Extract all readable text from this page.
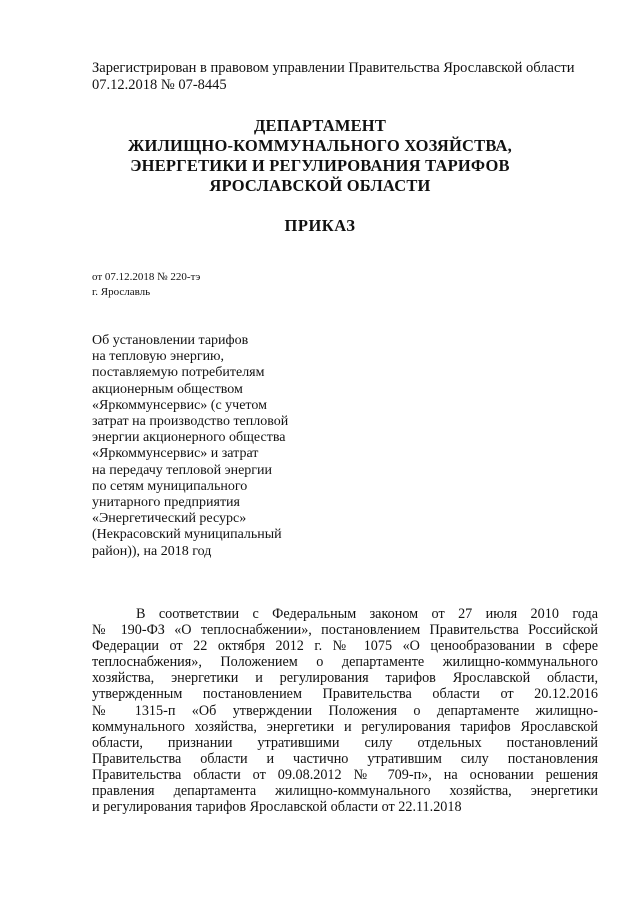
Зарегистрирован в правовом управлении Правительства Ярославской области
07.12.2018 № 07-8445
ДЕПАРТАМЕНТ
ЖИЛИЩНО-КОММУНАЛЬНОГО ХОЗЯЙСТВА,
ЭНЕРГЕТИКИ И РЕГУЛИРОВАНИЯ ТАРИФОВ
ЯРОСЛАВСКОЙ ОБЛАСТИ
ПРИКАЗ
от 07.12.2018 № 220-тэ
г. Ярославль
Об установлении тарифов
на тепловую энергию,
поставляемую потребителям
акционерным обществом
«Яркоммунсервис» (с учетом
затрат на производство тепловой
энергии акционерного общества
«Яркоммунсервис» и затрат
на передачу тепловой энергии
по сетям муниципального
унитарного предприятия
«Энергетический ресурс»
(Некрасовский муниципальный
район)), на 2018 год
В соответствии с Федеральным законом от 27 июля 2010 года
№ 190-ФЗ «О теплоснабжении», постановлением Правительства Российской
Федерации от 22 октября 2012 г. № 1075 «О ценообразовании в сфере
теплоснабжения», Положением о департаменте жилищно-коммунального
хозяйства, энергетики и регулирования тарифов Ярославской области,
утвержденным постановлением Правительства области от 20.12.2016
№ 1315-п «Об утверждении Положения о департаменте жилищно-
коммунального хозяйства, энергетики и регулирования тарифов Ярославской
области, признании утратившими силу отдельных постановлений
Правительства области и частично утратившим силу постановления
Правительства области от 09.08.2012 № 709-п», на основании решения
правления департамента жилищно-коммунального хозяйства, энергетики
и регулирования тарифов Ярославской области от 22.11.2018
